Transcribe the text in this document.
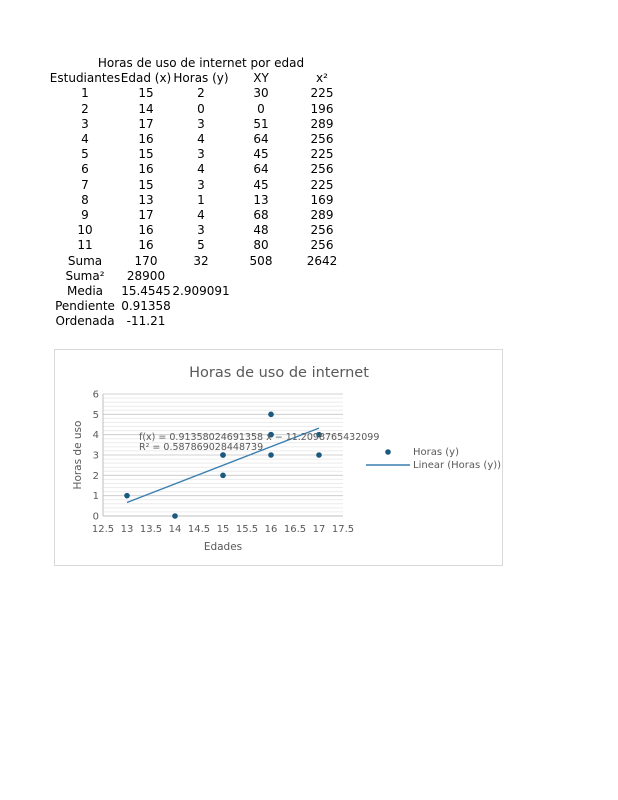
Horas de uso de internet por edad
Estudiantes Edad (x) Horas (y) XY	x²
1	15	2	30	225
2	14	0	0	196
3	17	3	51	289
4	16	4	64	256
5	15	3	45	225
6	16	4	64	256
7	15	3	45	225
8	13	1	13	169
9	17	4	68	289
10	16	3	48	256
11	16	5	80	256
Suma	170	32	508	2642
Suma² 28900
Media 15.4545 2.909091
Pendiente 0.91358
Ordenada -11.21
Horas de uso de internet
0
1
2
3
4
5
6
12.5 13 13.5 14 14.5 15 15.5 16 16.5 17 17.5
Edades
Horas de uso	f(x) = 0.91358024691358 x − 11.2098765432099
R² = 0.587869028448739	Horas (y)
Linear (Horas (y))
